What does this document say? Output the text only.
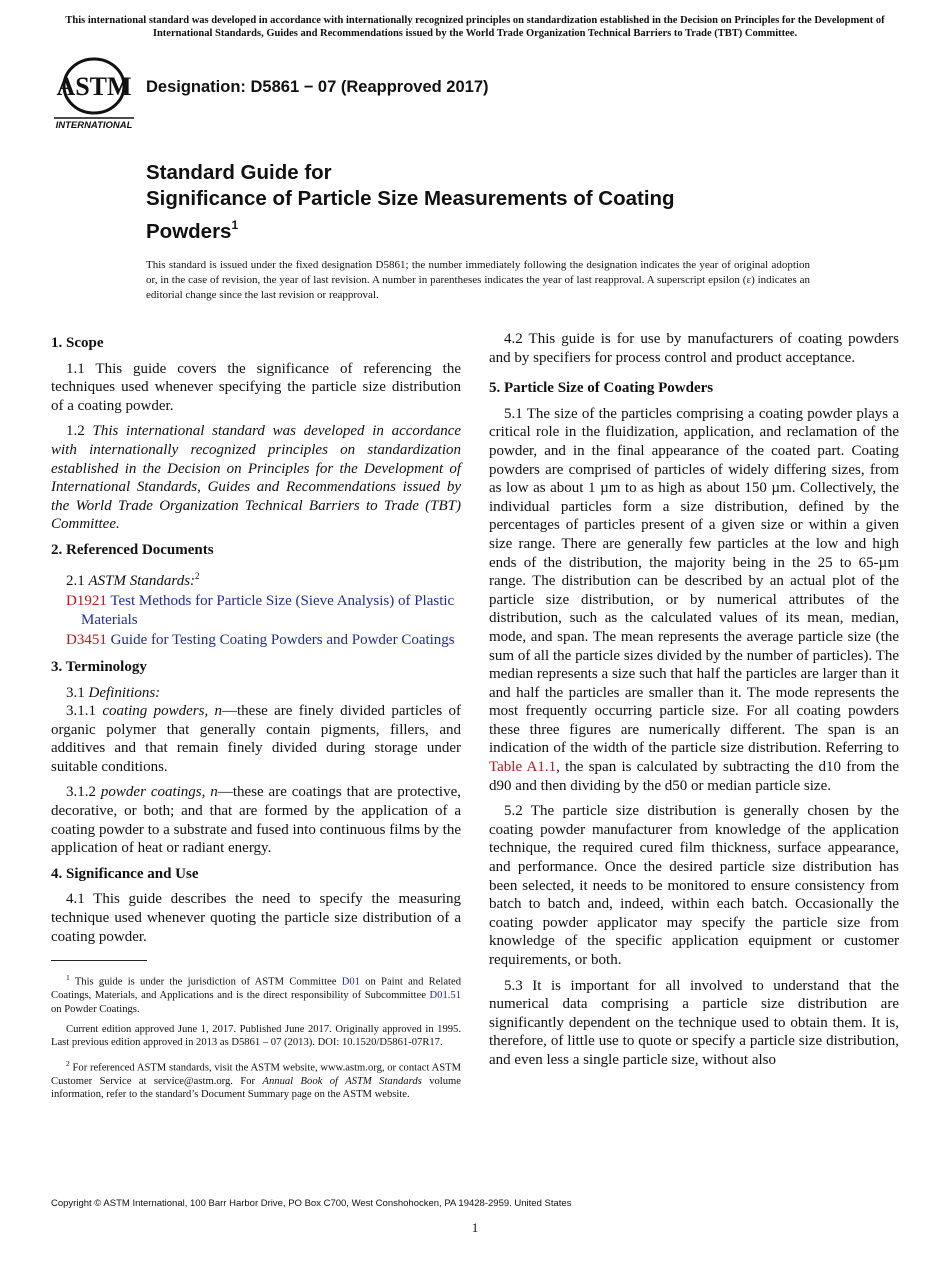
This international standard was developed in accordance with internationally recognized principles on standardization established in the Decision on Principles for the Development of International Standards, Guides and Recommendations issued by the World Trade Organization Technical Barriers to Trade (TBT) Committee.
ASTM
INTERNATIONAL
Designation: D5861 − 07 (Reapproved 2017)
Standard Guide for
Significance of Particle Size Measurements of Coating
Powders$^1$
This standard is issued under the fixed designation D5861; the number immediately following the designation indicates the year of original adoption or, in the case of revision, the year of last revision. A number in parentheses indicates the year of last reapproval. A superscript epsilon (ε) indicates an editorial change since the last revision or reapproval.
1. Scope

1.1 This guide covers the significance of referencing the techniques used whenever specifying the particle size distribution of a coating powder.

1.2 This international standard was developed in accordance with internationally recognized principles on standardization established in the Decision on Principles for the Development of International Standards, Guides and Recommendations issued by the World Trade Organization Technical Barriers to Trade (TBT) Committee.

2. Referenced Documents

2.1 ASTM Standards:$^2$

D1921 Test Methods for Particle Size (Sieve Analysis) of Plastic Materials
D3451 Guide for Testing Coating Powders and Powder Coatings
3. Terminology

3.1 Definitions:

3.1.1 coating powders, n—these are finely divided particles of organic polymer that generally contain pigments, fillers, and additives and that remain finely divided during storage under suitable conditions.

3.1.2 powder coatings, n—these are coatings that are protective, decorative, or both; and that are formed by the application of a coating powder to a substrate and fused into continuous films by the application of heat or radiant energy.

4. Significance and Use

4.1 This guide describes the need to specify the measuring technique used whenever quoting the particle size distribution of a coating powder.

$^1$ This guide is under the jurisdiction of ASTM Committee D01 on Paint and Related Coatings, Materials, and Applications and is the direct responsibility of Subcommittee D01.51 on Powder Coatings.

Current edition approved June 1, 2017. Published June 2017. Originally approved in 1995. Last previous edition approved in 2013 as D5861 – 07 (2013). DOI: 10.1520/D5861-07R17.

$^2$ For referenced ASTM standards, visit the ASTM website, www.astm.org, or contact ASTM Customer Service at service@astm.org. For Annual Book of ASTM Standards volume information, refer to the standard’s Document Summary page on the ASTM website.

4.2 This guide is for use by manufacturers of coating powders and by specifiers for process control and product acceptance.

5. Particle Size of Coating Powders

5.1 The size of the particles comprising a coating powder plays a critical role in the fluidization, application, and reclamation of the powder, and in the final appearance of the coated part. Coating powders are comprised of particles of widely differing sizes, from as low as about 1 µm to as high as about 150 µm. Collectively, the individual particles form a size distribution, defined by the percentages of particles present of a given size or within a given size range. There are generally few particles at the low and high ends of the distribution, the majority being in the 25 to 65-µm range. The distribution can be described by an actual plot of the particle size distribution, or by numerical attributes of the distribution, such as the calculated values of its mean, median, mode, and span. The mean represents the average particle size (the sum of all the particle sizes divided by the number of particles). The median represents a size such that half the particles are larger than it and half the particles are smaller than it. The mode represents the most frequently occurring particle size. For all coating powders these three figures are numerically different. The span is an indication of the width of the particle size distribution. Referring to Table A1.1, the span is calculated by subtracting the d10 from the d90 and then dividing by the d50 or median particle size.

5.2 The particle size distribution is generally chosen by the coating powder manufacturer from knowledge of the application technique, the required cured film thickness, surface appearance, and performance. Once the desired particle size distribution has been selected, it needs to be monitored to ensure consistency from batch to batch and, indeed, within each batch. Occasionally the coating powder applicator may specify the particle size from knowledge of the specific application equipment or customer requirements, or both.

5.3 It is important for all involved to understand that the numerical data comprising a particle size distribution are significantly dependent on the technique used to obtain them. It is, therefore, of little use to quote or specify a particle size distribution, and even less a single particle size, without also

Copyright © ASTM International, 100 Barr Harbor Drive, PO Box C700, West Conshohocken, PA 19428-2959. United States
1
